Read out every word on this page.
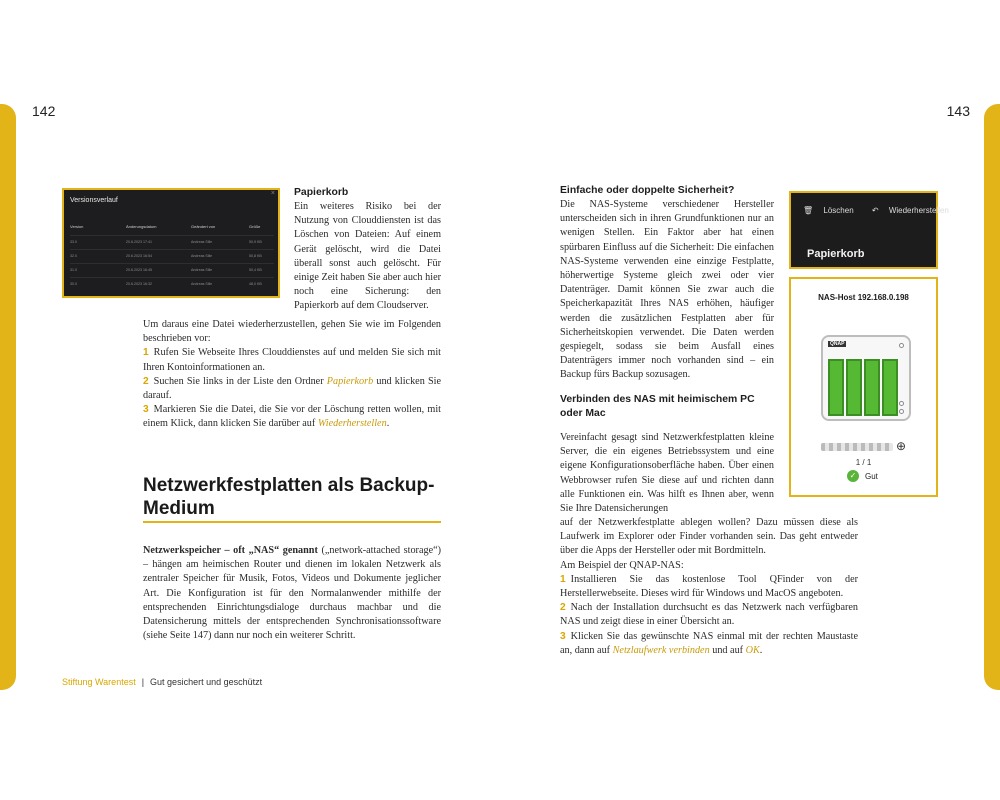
142	143
Versionsverlauf
×
Version	Änderungsdatum	Geändert von	Größe
33.0	20.6.2023 17:41	Andreas Sille	50,9 KB
32.0	20.6.2023 16:54	Andreas Sille	50,8 KB
31.0	20.6.2023 16:45	Andreas Sille	50,4 KB
30.0	20.6.2023 16:32	Andreas Sille	48,0 KB
Papierkorb

Ein weiteres Risiko bei der Nutzung von Clouddiensten ist das Löschen von Dateien: Auf einem Gerät gelöscht, wird die Datei überall sonst auch gelöscht. Für einige Zeit haben Sie aber auch hier noch eine Sicherung: den Papierkorb auf dem Cloudserver.

Um daraus eine Datei wiederherzustellen, gehen Sie wie im Folgenden beschrieben vor:

1 Rufen Sie Webseite Ihres Clouddienstes auf und melden Sie sich mit Ihren Kontoinformationen an.

2 Suchen Sie links in der Liste den Ordner Papierkorb und klicken Sie darauf.

3 Markieren Sie die Datei, die Sie vor der Löschung retten wollen, mit einem Klick, dann klicken Sie darüber auf Wiederherstellen.

Netzwerkfestplatten als Backup-Medium

Netzwerkspeicher – oft „NAS“ genannt („network-attached storage“) – hängen am heimischen Router und dienen im lokalen Netzwerk als zentraler Speicher für Musik, Fotos, Videos und Dokumente jeglicher Art. Die Konfiguration ist für den Normalanwender mithilfe der entsprechenden Einrichtungsdialoge durchaus machbar und die Datensicherung mittels der entsprechenden Synchronisationssoftware (siehe Seite 147) dann nur noch ein weiterer Schritt.

Einfache oder doppelte Sicherheit?

Die NAS-Systeme verschiedener Hersteller unterscheiden sich in ihren Grundfunktionen nur an wenigen Stellen. Ein Faktor aber hat einen spürbaren Einfluss auf die Sicherheit: Die einfachen NAS-Systeme verwenden eine einzige Festplatte, höherwertige Systeme gleich zwei oder vier Datenträger. Damit können Sie zwar auch die Speicherkapazität Ihres NAS erhöhen, häufiger werden die zusätzlichen Festplatten aber für Sicherheitskopien verwendet. Die Daten werden gespiegelt, sodass sie beim Ausfall eines Datenträgers immer noch vorhanden sind – ein Backup fürs Backup sozusagen.

Verbinden des NAS mit heimischem PC oder Mac

Vereinfacht gesagt sind Netzwerkfestplatten kleine Server, die ein eigenes Betriebssystem und eine eigene Konfigurationsoberfläche haben. Über einen Webbrowser rufen Sie diese auf und richten dann alle Funktionen ein. Was hilft es Ihnen aber, wenn Sie Ihre Datensicherungen

auf der Netzwerkfestplatte ablegen wollen? Dazu müssen diese als Laufwerk im Explorer oder Finder vorhanden sein. Das geht entweder über die Apps der Hersteller oder mit Bordmitteln.

Am Beispiel der QNAP-NAS:

1 Installieren Sie das kostenlose Tool QFinder von der Herstellerwebseite. Dieses wird für Windows und MacOS angeboten.

2 Nach der Installation durchsucht es das Netzwerk nach verfügbaren NAS und zeigt diese in einer Übersicht an.

3 Klicken Sie das gewünschte NAS einmal mit der rechten Maustaste an, dann auf Netzlaufwerk verbinden und auf OK.

🗑 Löschen ↶ Wiederherstellen
Papierkorb
NAS-Host 192.168.0.198
QNAP
⊕
1 / 1
✓	Gut
Stiftung Warentest | Gut gesichert und geschützt
